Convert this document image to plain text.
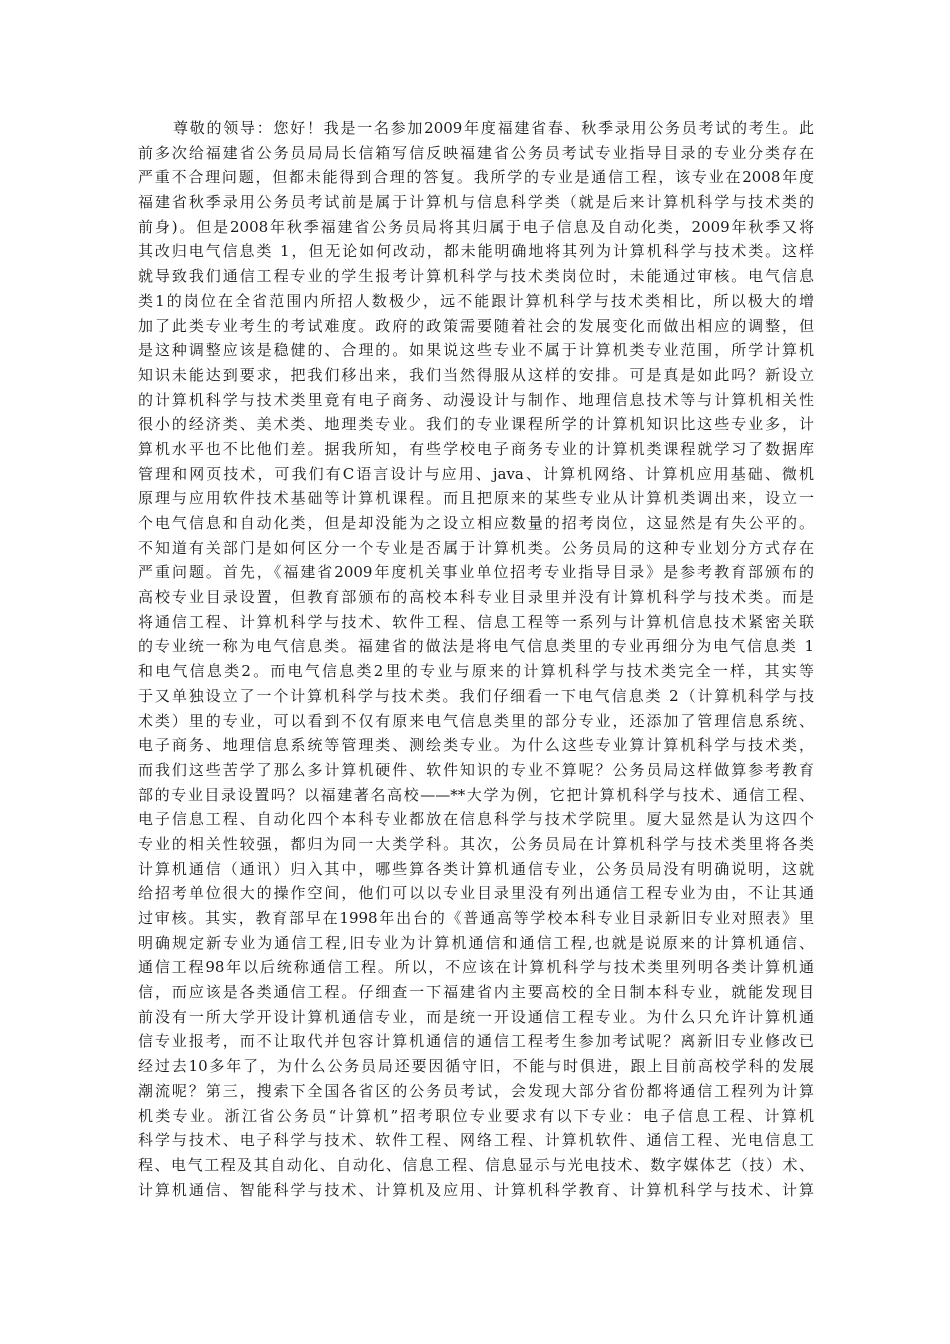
尊敬的领导：您好！我是一名参加2009年度福建省春、秋季录用公务员考试的考生。此
前多次给福建省公务员局局长信箱写信反映福建省公务员考试专业指导目录的专业分类存在
严重不合理问题，但都未能得到合理的答复。我所学的专业是通信工程，该专业在2008年度
福建省秋季录用公务员考试前是属于计算机与信息科学类（就是后来计算机科学与技术类的
前身)。但是2008年秋季福建省公务员局将其归属于电子信息及自动化类，2009年秋季又将
其改归电气信息类 1，但无论如何改动，都未能明确地将其列为计算机科学与技术类。这样
就导致我们通信工程专业的学生报考计算机科学与技术类岗位时，未能通过审核。电气信息
类1的岗位在全省范围内所招人数极少，远不能跟计算机科学与技术类相比，所以极大的增
加了此类专业考生的考试难度。政府的政策需要随着社会的发展变化而做出相应的调整，但
是这种调整应该是稳健的、合理的。如果说这些专业不属于计算机类专业范围，所学计算机
知识未能达到要求，把我们移出来，我们当然得服从这样的安排。可是真是如此吗？新设立
的计算机科学与技术类里竟有电子商务、动漫设计与制作、地理信息技术等与计算机相关性
很小的经济类、美术类、地理类专业。我们的专业课程所学的计算机知识比这些专业多，计
算机水平也不比他们差。据我所知，有些学校电子商务专业的计算机类课程就学习了数据库
管理和网页技术，可我们有C语言设计与应用、java、计算机网络、计算机应用基础、微机
原理与应用软件技术基础等计算机课程。而且把原来的某些专业从计算机类调出来，设立一
个电气信息和自动化类，但是却没能为之设立相应数量的招考岗位，这显然是有失公平的。
不知道有关部门是如何区分一个专业是否属于计算机类。公务员局的这种专业划分方式存在
严重问题。首先，《福建省2009年度机关事业单位招考专业指导目录》是参考教育部颁布的
高校专业目录设置，但教育部颁布的高校本科专业目录里并没有计算机科学与技术类。而是
将通信工程、计算机科学与技术、软件工程、信息工程等一系列与计算机信息技术紧密关联
的专业统一称为电气信息类。福建省的做法是将电气信息类里的专业再细分为电气信息类 1
和电气信息类2。而电气信息类2里的专业与原来的计算机科学与技术类完全一样，其实等
于又单独设立了一个计算机科学与技术类。我们仔细看一下电气信息类 2（计算机科学与技
术类）里的专业，可以看到不仅有原来电气信息类里的部分专业，还添加了管理信息系统、
电子商务、地理信息系统等管理类、测绘类专业。为什么这些专业算计算机科学与技术类，
而我们这些苦学了那么多计算机硬件、软件知识的专业不算呢？公务员局这样做算参考教育
部的专业目录设置吗？以福建著名高校——**大学为例，它把计算机科学与技术、通信工程、
电子信息工程、自动化四个本科专业都放在信息科学与技术学院里。厦大显然是认为这四个
专业的相关性较强，都归为同一大类学科。其次，公务员局在计算机科学与技术类里将各类
计算机通信（通讯）归入其中，哪些算各类计算机通信专业，公务员局没有明确说明，这就
给招考单位很大的操作空间，他们可以以专业目录里没有列出通信工程专业为由，不让其通
过审核。其实，教育部早在1998年出台的《普通高等学校本科专业目录新旧专业对照表》里
明确规定新专业为通信工程,旧专业为计算机通信和通信工程,也就是说原来的计算机通信、
通信工程98年以后统称通信工程。所以，不应该在计算机科学与技术类里列明各类计算机通
信，而应该是各类通信工程。仔细查一下福建省内主要高校的全日制本科专业，就能发现目
前没有一所大学开设计算机通信专业，而是统一开设通信工程专业。为什么只允许计算机通
信专业报考，而不让取代并包容计算机通信的通信工程考生参加考试呢？离新旧专业修改已
经过去10多年了，为什么公务员局还要因循守旧，不能与时俱进，跟上目前高校学科的发展
潮流呢？第三，搜索下全国各省区的公务员考试，会发现大部分省份都将通信工程列为计算
机类专业。浙江省公务员“计算机”招考职位专业要求有以下专业：电子信息工程、计算机
科学与技术、电子科学与技术、软件工程、网络工程、计算机软件、通信工程、光电信息工
程、电气工程及其自动化、自动化、信息工程、信息显示与光电技术、数字媒体艺（技）术、
计算机通信、智能科学与技术、计算机及应用、计算机科学教育、计算机科学与技术、计算
